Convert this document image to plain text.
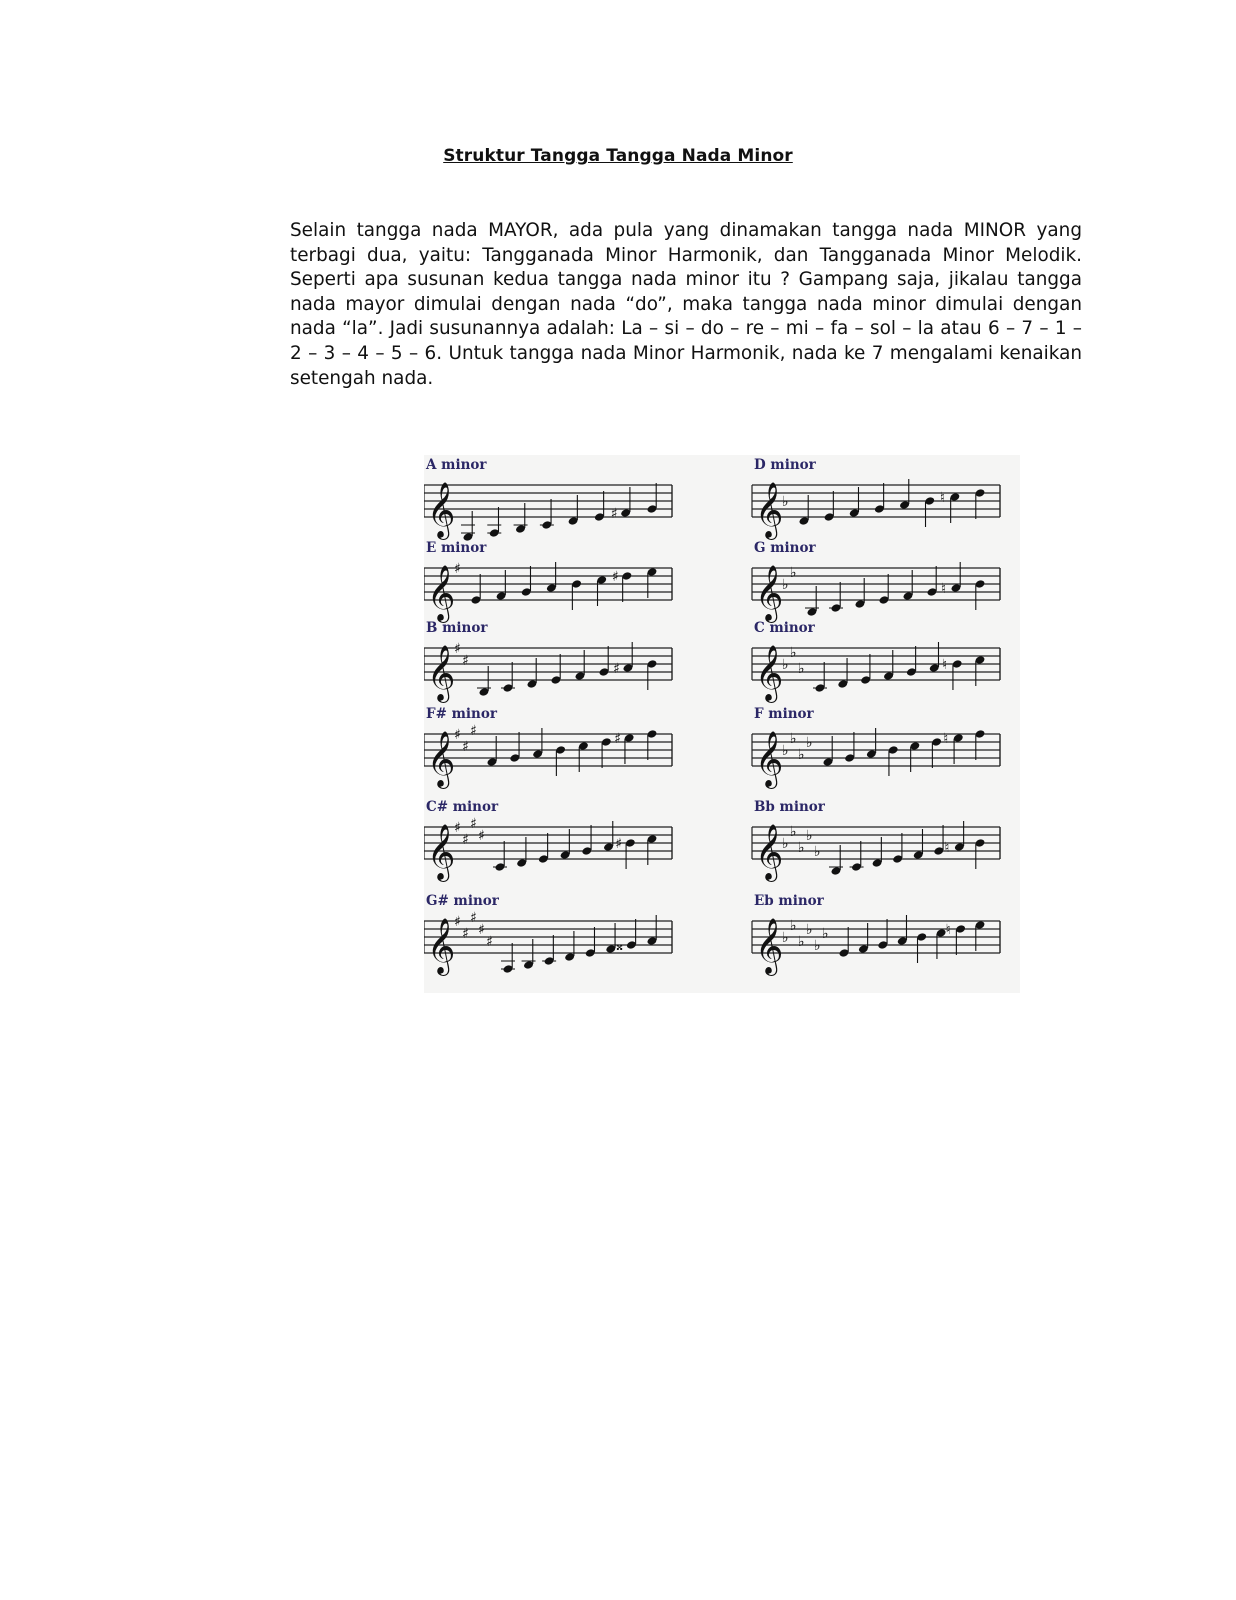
Struktur Tangga Tangga Nada Minor

Selain tangga nada MAYOR, ada pula yang dinamakan tangga nada MINOR yang terbagi dua, yaitu: Tangganada Minor Harmonik, dan Tangganada Minor Melodik. Seperti apa susunan kedua tangga nada minor itu ? Gampang saja, jikalau tangga nada mayor dimulai dengan nada “do”, maka tangga nada minor dimulai dengan nada “la”. Jadi susunannya adalah: La – si – do – re – mi – fa – sol – la atau 6 – 7 – 1 – 2 – 3 – 4 – 5 – 6. Untuk tangga nada Minor Harmonik, nada ke 7 mengalami kenaikan setengah nada.

A minor
𝄞	♯
D minor
𝄞
♭	♮
E minor
𝄞
♯	♯
G minor
𝄞
♭
♭
♮
B minor
𝄞
♯
♯	♯
C minor
𝄞
♭
♭
♭	♮
F# minor
𝄞
♯
♯
♯	♯
F minor
𝄞
♭
♭
♭
♭	♮
C# minor
𝄞
♯
♯
♯
♯	♯
Bb minor
𝄞
♭
♭
♭
♭
♭	♮
G# minor
𝄞
♯
♯
♯
♯
♯	𝄪
Eb minor
𝄞
♭
♭
♭
♭
♭
♭	♮
